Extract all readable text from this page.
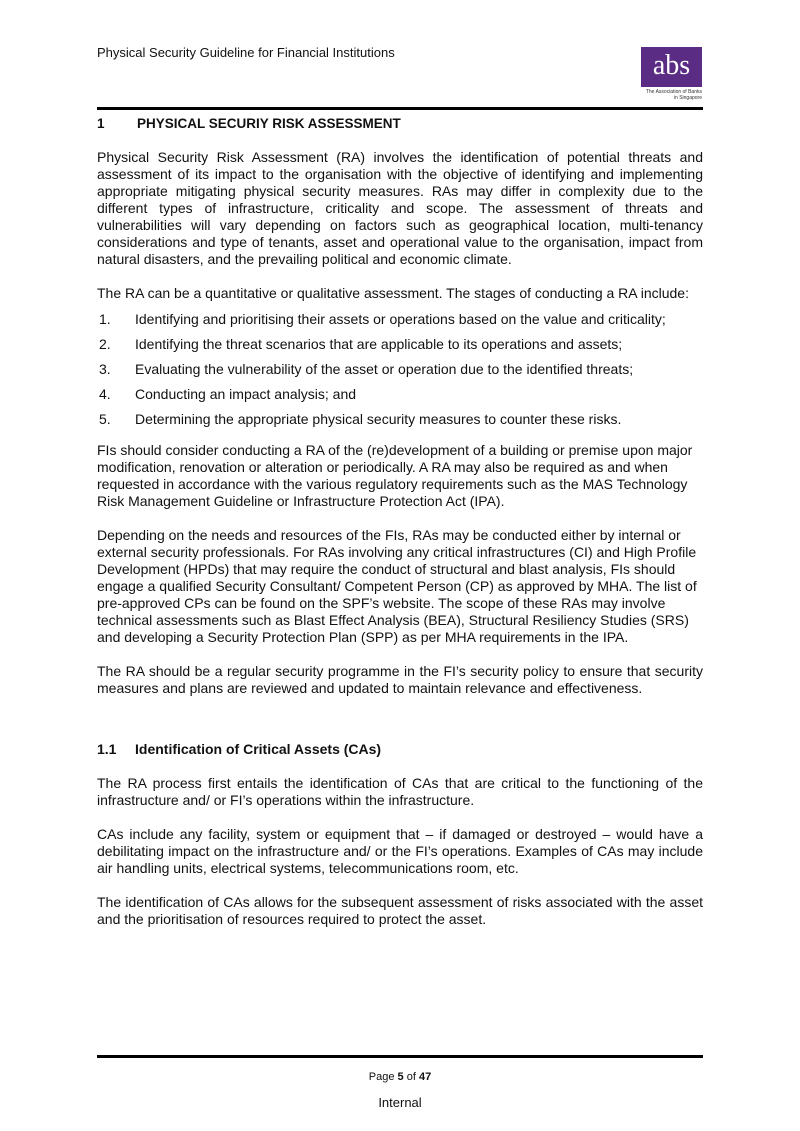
Physical Security Guideline for Financial Institutions	abs
The Association of Banks
in Singapore
1	PHYSICAL SECURIY RISK ASSESSMENT

Physical Security Risk Assessment (RA) involves the identification of potential threats and assessment of its impact to the organisation with the objective of identifying and implementing appropriate mitigating physical security measures. RAs may differ in complexity due to the different types of infrastructure, criticality and scope. The assessment of threats and vulnerabilities will vary depending on factors such as geographical location, multi-tenancy considerations and type of tenants, asset and operational value to the organisation, impact from natural disasters, and the prevailing political and economic climate.

The RA can be a quantitative or qualitative assessment. The stages of conducting a RA include:

1.	Identifying and prioritising their assets or operations based on the value and criticality;
2.	Identifying the threat scenarios that are applicable to its operations and assets;
3.	Evaluating the vulnerability of the asset or operation due to the identified threats;
4.	Conducting an impact analysis; and
5.	Determining the appropriate physical security measures to counter these risks.

FIs should consider conducting a RA of the (re)development of a building or premise upon major modification, renovation or alteration or periodically. A RA may also be required as and when requested in accordance with the various regulatory requirements such as the MAS Technology Risk Management Guideline or Infrastructure Protection Act (IPA).

Depending on the needs and resources of the FIs, RAs may be conducted either by internal or external security professionals. For RAs involving any critical infrastructures (CI) and High Profile Development (HPDs) that may require the conduct of structural and blast analysis, FIs should engage a qualified Security Consultant/ Competent Person (CP) as approved by MHA. The list of pre-approved CPs can be found on the SPF’s website. The scope of these RAs may involve technical assessments such as Blast Effect Analysis (BEA), Structural Resiliency Studies (SRS) and developing a Security Protection Plan (SPP) as per MHA requirements in the IPA.

The RA should be a regular security programme in the FI’s security policy to ensure that security measures and plans are reviewed and updated to maintain relevance and effectiveness.

1.1	Identification of Critical Assets (CAs)

The RA process first entails the identification of CAs that are critical to the functioning of the infrastructure and/ or FI’s operations within the infrastructure.

CAs include any facility, system or equipment that – if damaged or destroyed – would have a debilitating impact on the infrastructure and/ or the FI’s operations. Examples of CAs may include air handling units, electrical systems, telecommunications room, etc.

The identification of CAs allows for the subsequent assessment of risks associated with the asset and the prioritisation of resources required to protect the asset.

Page 5 of 47
Internal
